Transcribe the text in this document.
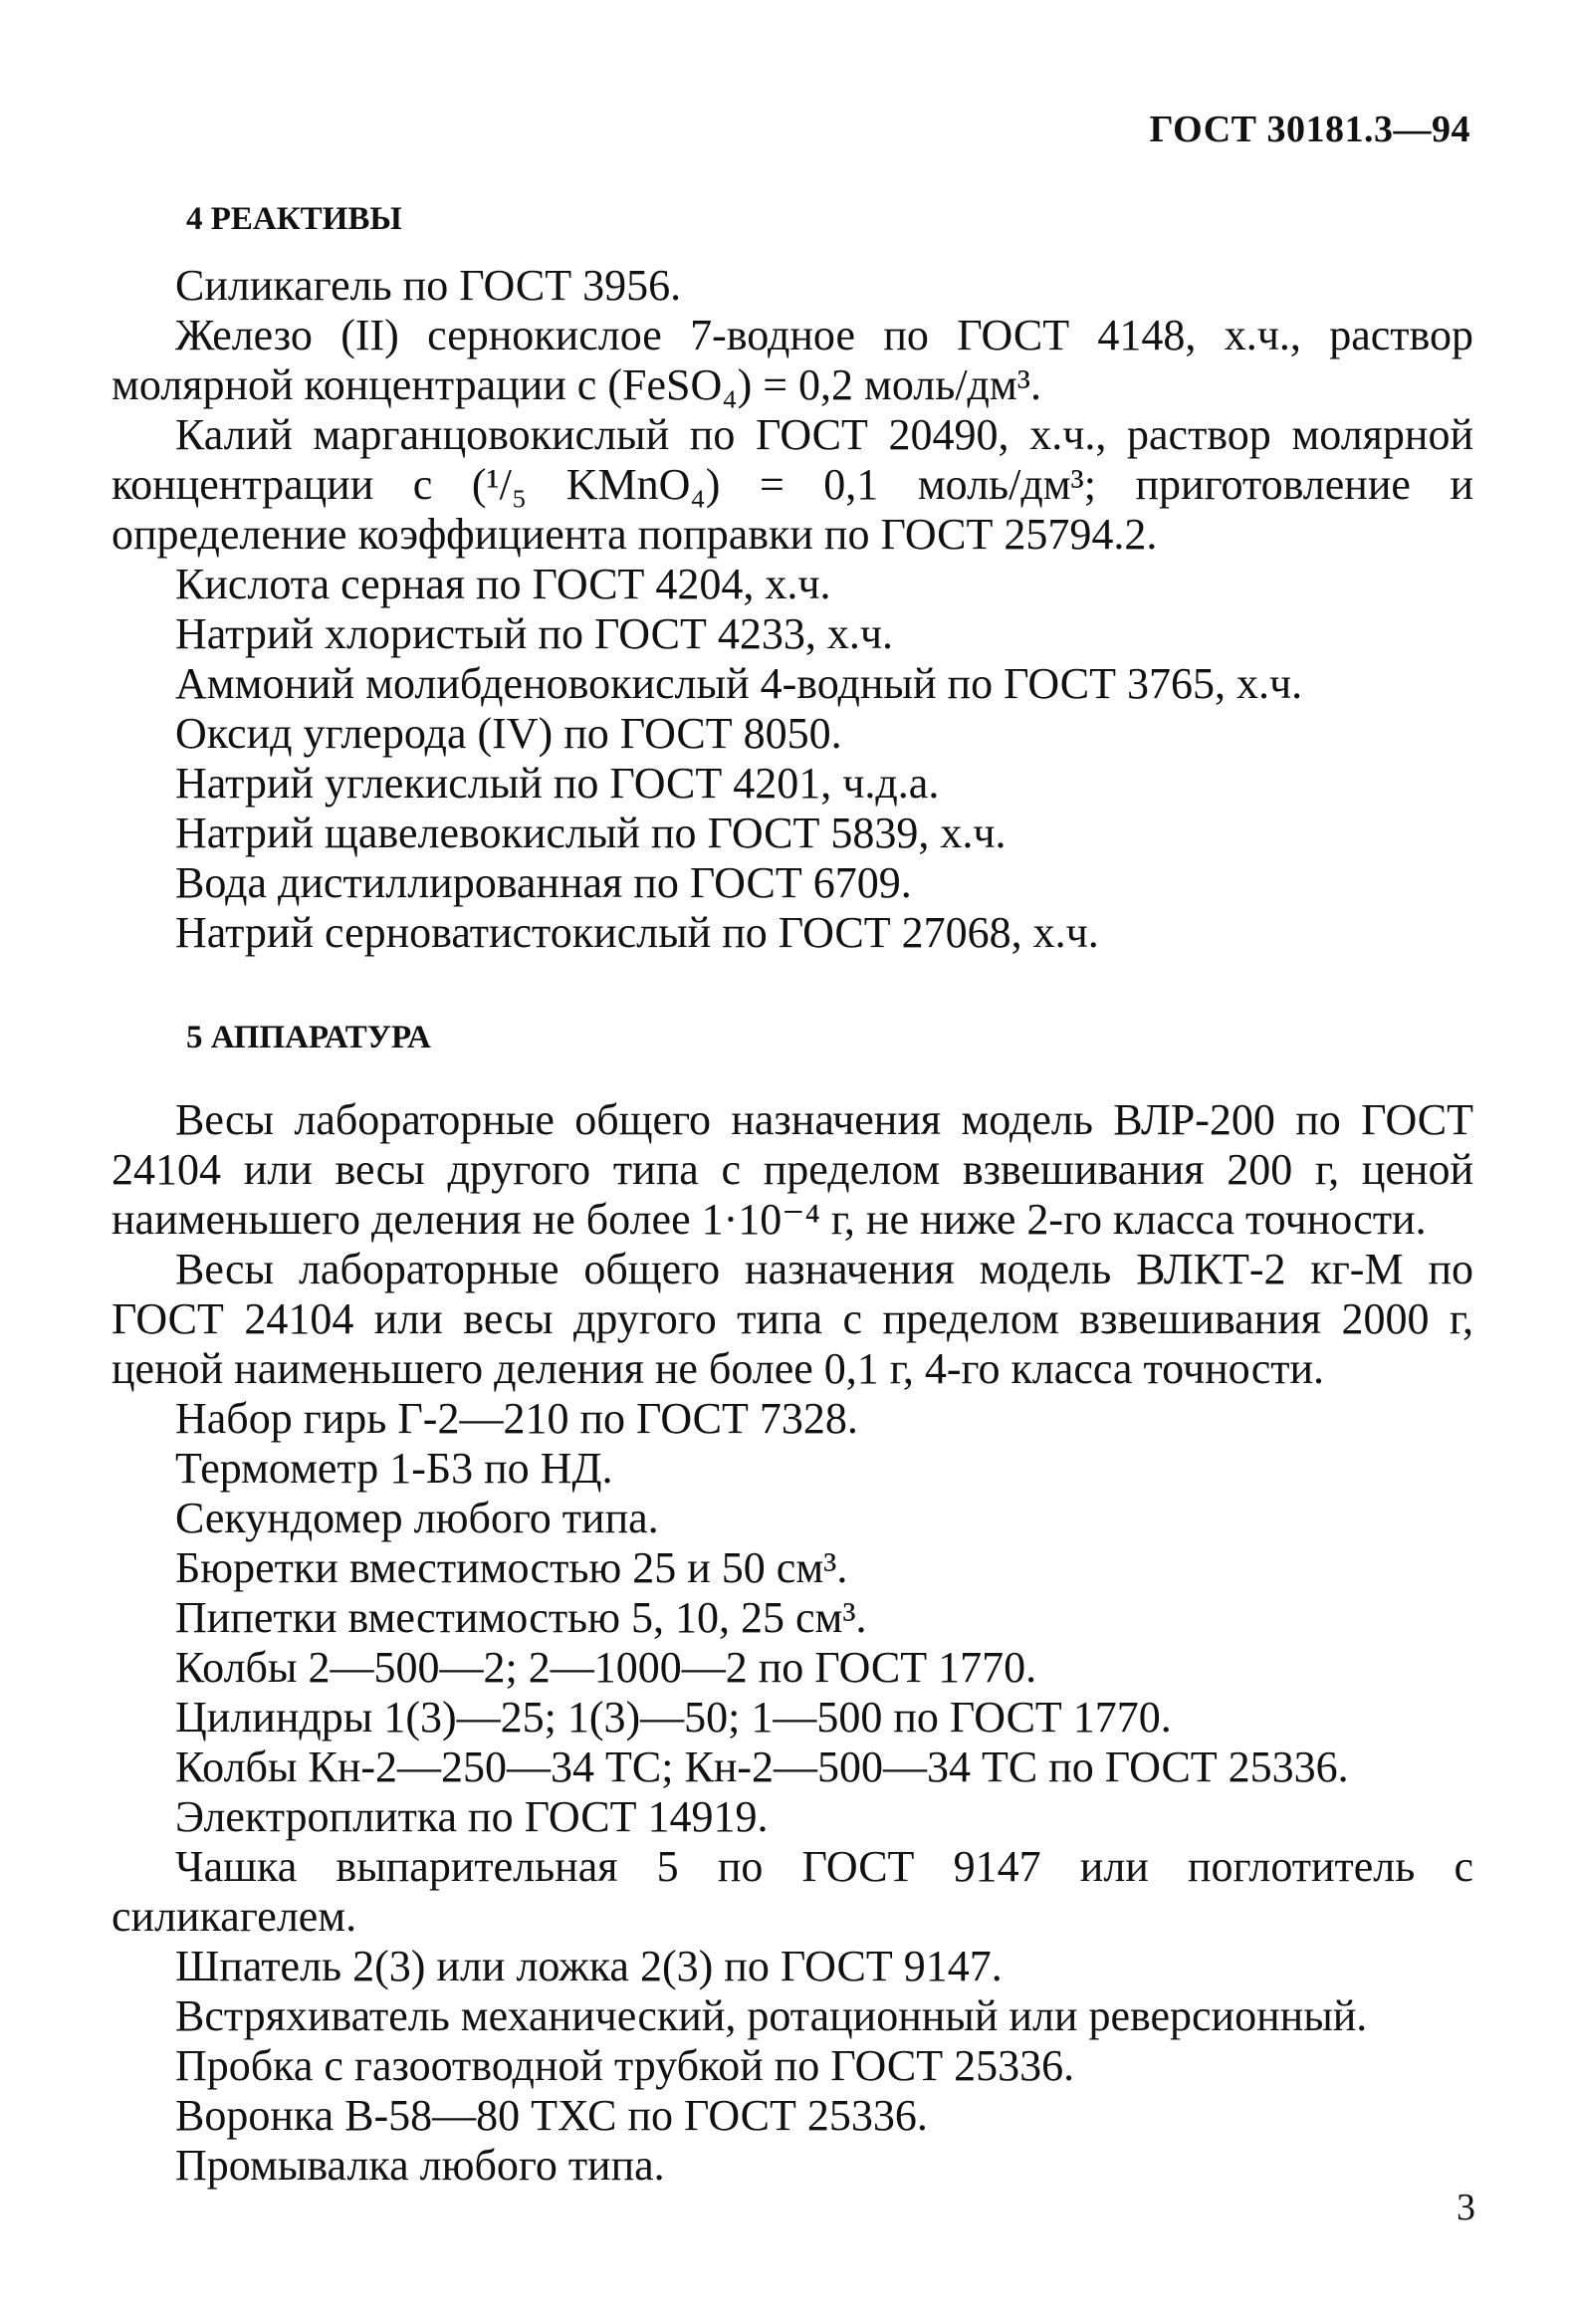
ГОСТ 30181.3—94
4 РЕАКТИВЫ

Силикагель по ГОСТ 3956.

Железо (II) сернокислое 7-водное по ГОСТ 4148, х.ч., раствор молярной концентрации с (FeSO₄) = 0,2 моль/дм³.

Калий марганцовокислый по ГОСТ 20490, х.ч., раствор молярной концентрации с (¹/₅ KMnO₄) = 0,1 моль/дм³; приготовление и определение коэффициента поправки по ГОСТ 25794.2.

Кислота серная по ГОСТ 4204, х.ч.

Натрий хлористый по ГОСТ 4233, х.ч.

Аммоний молибденовокислый 4-водный по ГОСТ 3765, х.ч.

Оксид углерода (IV) по ГОСТ 8050.

Натрий углекислый по ГОСТ 4201, ч.д.а.

Натрий щавелевокислый по ГОСТ 5839, х.ч.

Вода дистиллированная по ГОСТ 6709.

Натрий серноватистокислый по ГОСТ 27068, х.ч.

5 АППАРАТУРА

Весы лабораторные общего назначения модель ВЛР-200 по ГОСТ 24104 или весы другого типа с пределом взвешивания 200 г, ценой наименьшего деления не более 1·10⁻⁴ г, не ниже 2-го класса точности.

Весы лабораторные общего назначения модель ВЛКТ-2 кг-М по ГОСТ 24104 или весы другого типа с пределом взвешивания 2000 г, ценой наименьшего деления не более 0,1 г, 4-го класса точности.

Набор гирь Г-2—210 по ГОСТ 7328.

Термометр 1-Б3 по НД.

Секундомер любого типа.

Бюретки вместимостью 25 и 50 см³.

Пипетки вместимостью 5, 10, 25 см³.

Колбы 2—500—2; 2—1000—2 по ГОСТ 1770.

Цилиндры 1(3)—25; 1(3)—50; 1—500 по ГОСТ 1770.

Колбы Кн-2—250—34 ТС; Кн-2—500—34 ТС по ГОСТ 25336.

Электроплитка по ГОСТ 14919.

Чашка выпарительная 5 по ГОСТ 9147 или поглотитель с силикагелем.

Шпатель 2(3) или ложка 2(3) по ГОСТ 9147.

Встряхиватель механический, ротационный или реверсионный.

Пробка с газоотводной трубкой по ГОСТ 25336.

Воронка В-58—80 ТХС по ГОСТ 25336.

Промывалка любого типа.

3
